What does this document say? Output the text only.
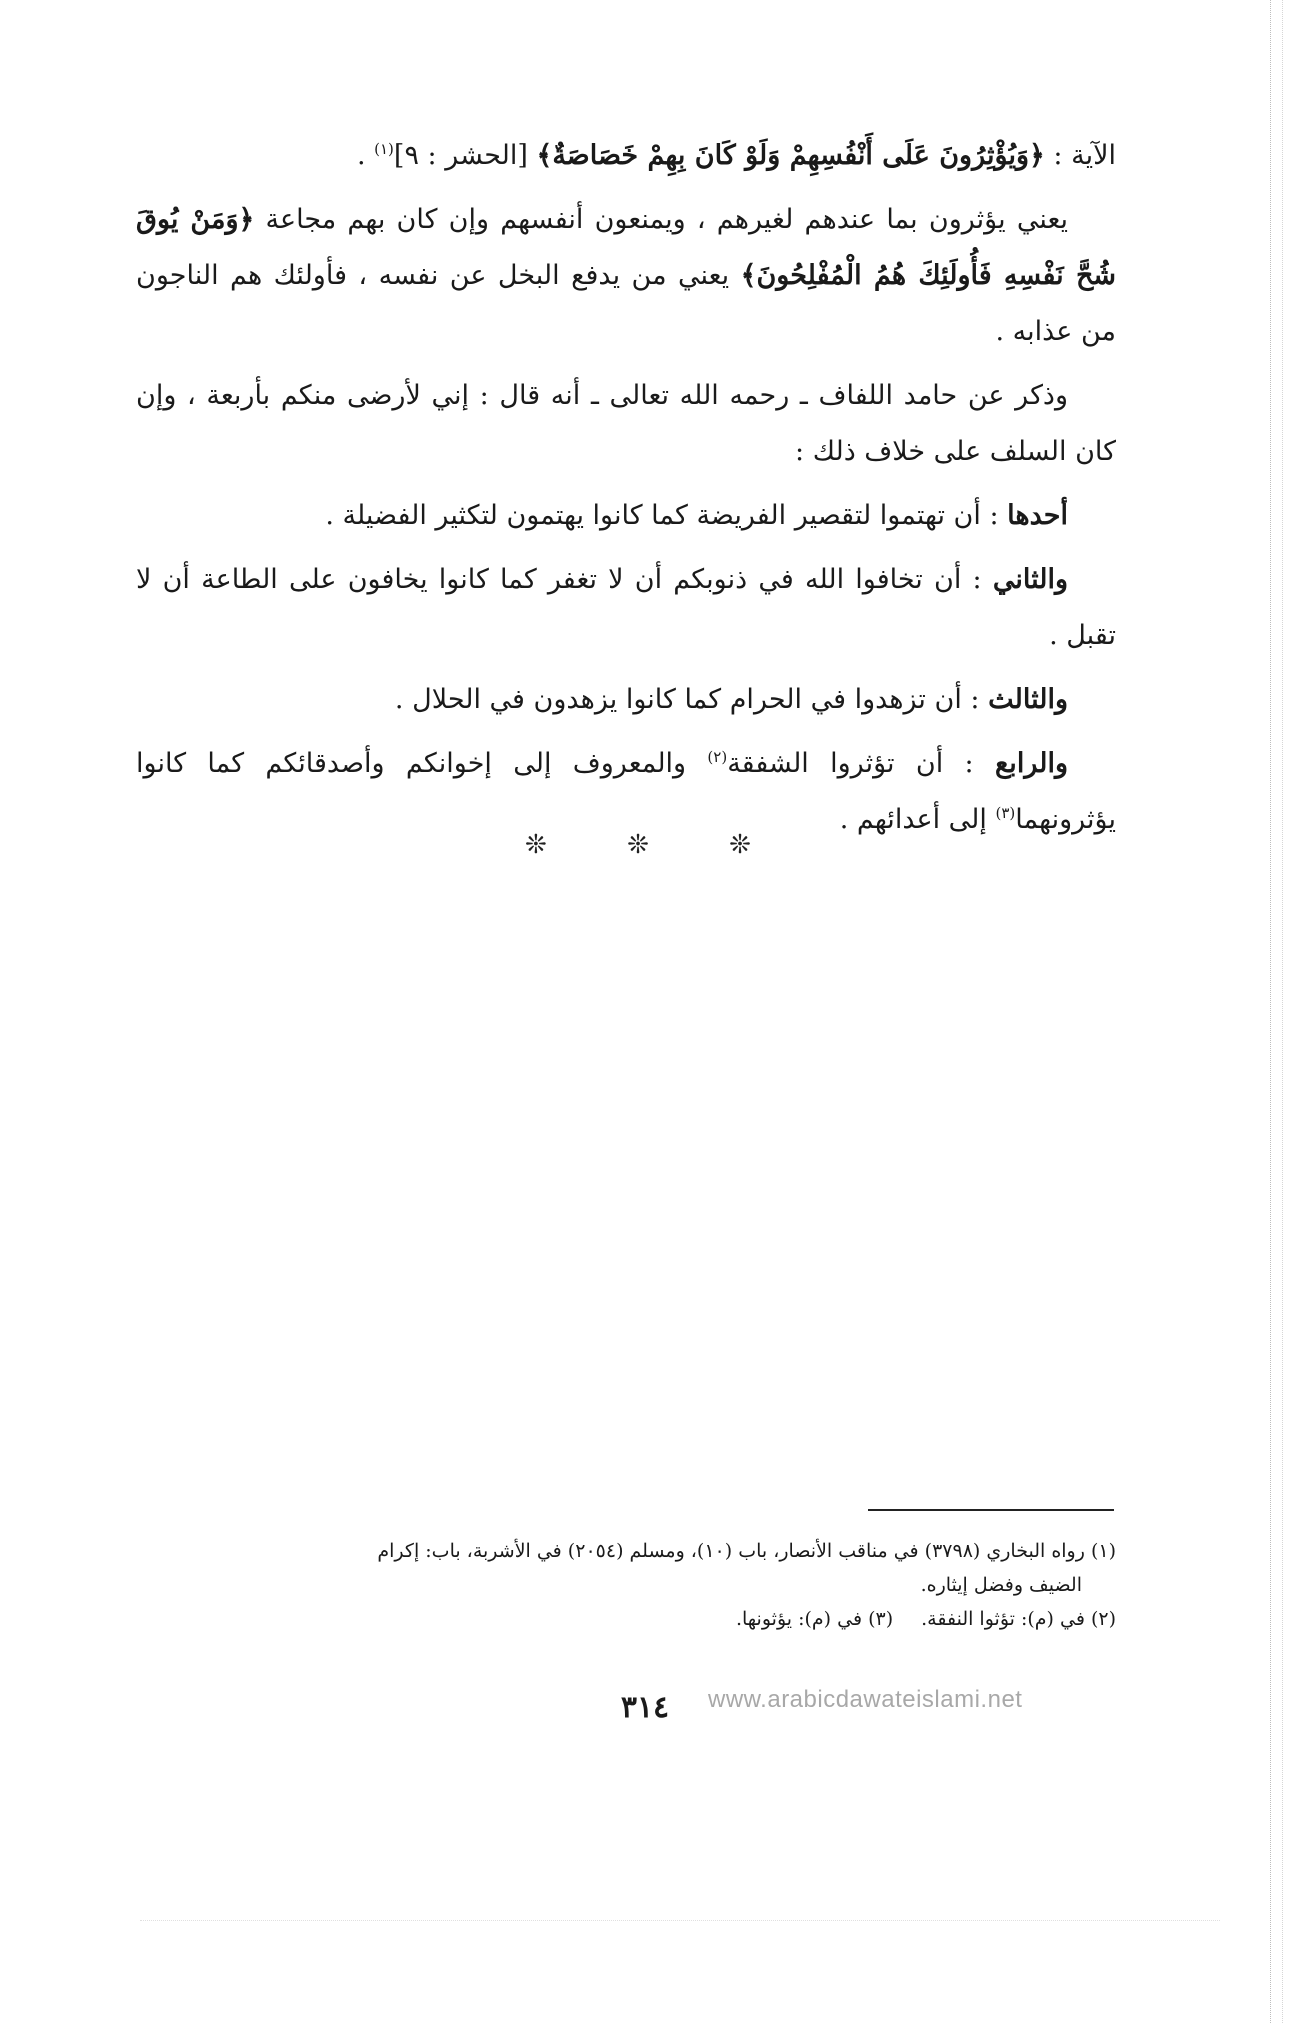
الآية : ﴿وَيُؤْثِرُونَ عَلَى أَنْفُسِهِمْ وَلَوْ كَانَ بِهِمْ خَصَاصَةٌ﴾ [الحشر : ٩]$^{(١)}$ .

يعني يؤثرون بما عندهم لغيرهم ، ويمنعون أنفسهم وإن كان بهم مجاعة ﴿وَمَنْ يُوقَ شُحَّ نَفْسِهِ فَأُولَئِكَ هُمُ الْمُفْلِحُونَ﴾ يعني من يدفع البخل عن نفسه ، فأولئك هم الناجون من عذابه .

وذكر عن حامد اللفاف ـ رحمه الله تعالى ـ أنه قال : إني لأرضى منكم بأربعة ، وإن كان السلف على خلاف ذلك :

أحدها : أن تهتموا لتقصير الفريضة كما كانوا يهتمون لتكثير الفضيلة .

والثاني : أن تخافوا الله في ذنوبكم أن لا تغفر كما كانوا يخافون على الطاعة أن لا تقبل .

والثالث : أن تزهدوا في الحرام كما كانوا يزهدون في الحلال .

والرابع : أن تؤثروا الشفقة$^{(٢)}$ والمعروف إلى إخوانكم وأصدقائكم كما كانوا يؤثرونهما$^{(٣)}$ إلى أعدائهم .

❊ ❊ ❊

(١) رواه البخاري (٣٧٩٨) في مناقب الأنصار، باب (١٠)، ومسلم (٢٠٥٤) في الأشربة، باب: إكرام

الضيف وفضل إيثاره.

(٢) في (م): تؤثوا النفقة.(٣) في (م): يؤثونها.

٣١٤	www.arabicdawateislami.net
